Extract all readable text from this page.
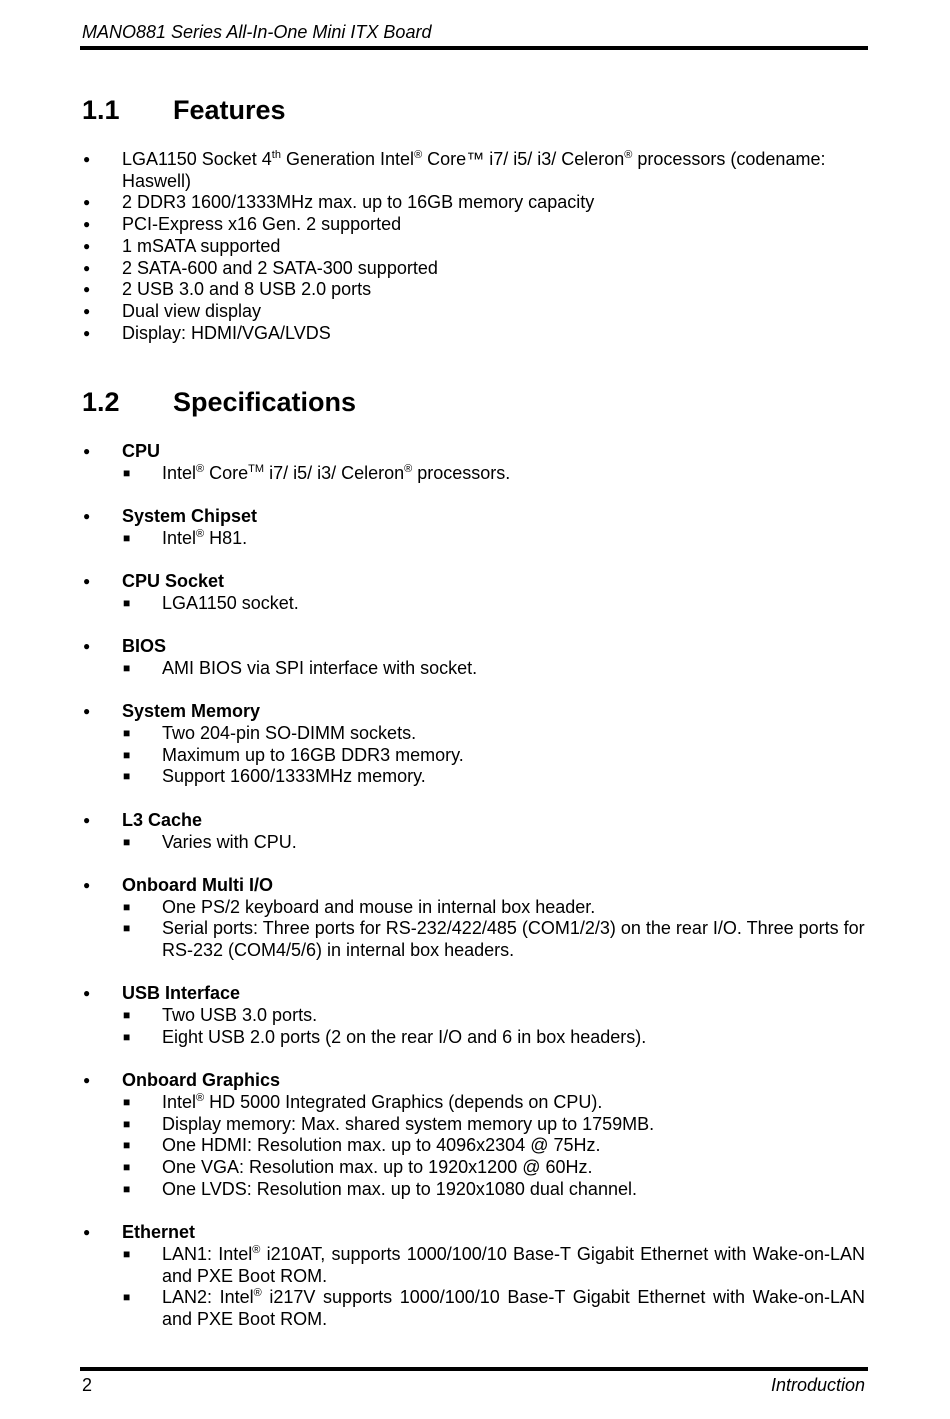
MANO881 Series All-In-One Mini ITX Board
1.1 Features
● LGA1150 Socket 4th Generation Intel® Core™ i7/ i5/ i3/ Celeron® processors (codename: Haswell)
● 2 DDR3 1600/1333MHz max. up to 16GB memory capacity
● PCI-Express x16 Gen. 2 supported
● 1 mSATA supported
● 2 SATA-600 and 2 SATA-300 supported
● 2 USB 3.0 and 8 USB 2.0 ports
● Dual view display
● Display: HDMI/VGA/LVDS
1.2 Specifications
● CPU
■ Intel® Core™ i7/ i5/ i3/ Celeron® processors.
● System Chipset
■ Intel® H81.
● CPU Socket
■ LGA1150 socket.
● BIOS
■ AMI BIOS via SPI interface with socket.
● System Memory
■ Two 204-pin SO-DIMM sockets.
■ Maximum up to 16GB DDR3 memory.
■ Support 1600/1333MHz memory.
● L3 Cache
■ Varies with CPU.
● Onboard Multi I/O
■ One PS/2 keyboard and mouse in internal box header.
■ Serial ports: Three ports for RS-232/422/485 (COM1/2/3) on the rear I/O. Three ports for RS-232 (COM4/5/6) in internal box headers.
● USB Interface
■ Two USB 3.0 ports.
■ Eight USB 2.0 ports (2 on the rear I/O and 6 in box headers).
● Onboard Graphics
■ Intel® HD 5000 Integrated Graphics (depends on CPU).
■ Display memory: Max. shared system memory up to 1759MB.
■ One HDMI: Resolution max. up to 4096x2304 @ 75Hz.
■ One VGA: Resolution max. up to 1920x1200 @ 60Hz.
■ One LVDS: Resolution max. up to 1920x1080 dual channel.
● Ethernet
■ LAN1: Intel® i210AT, supports 1000/100/10 Base-T Gigabit Ethernet with Wake-on-LAN and PXE Boot ROM.
■ LAN2: Intel® i217V supports 1000/100/10 Base-T Gigabit Ethernet with Wake-on-LAN and PXE Boot ROM.
2	Introduction
